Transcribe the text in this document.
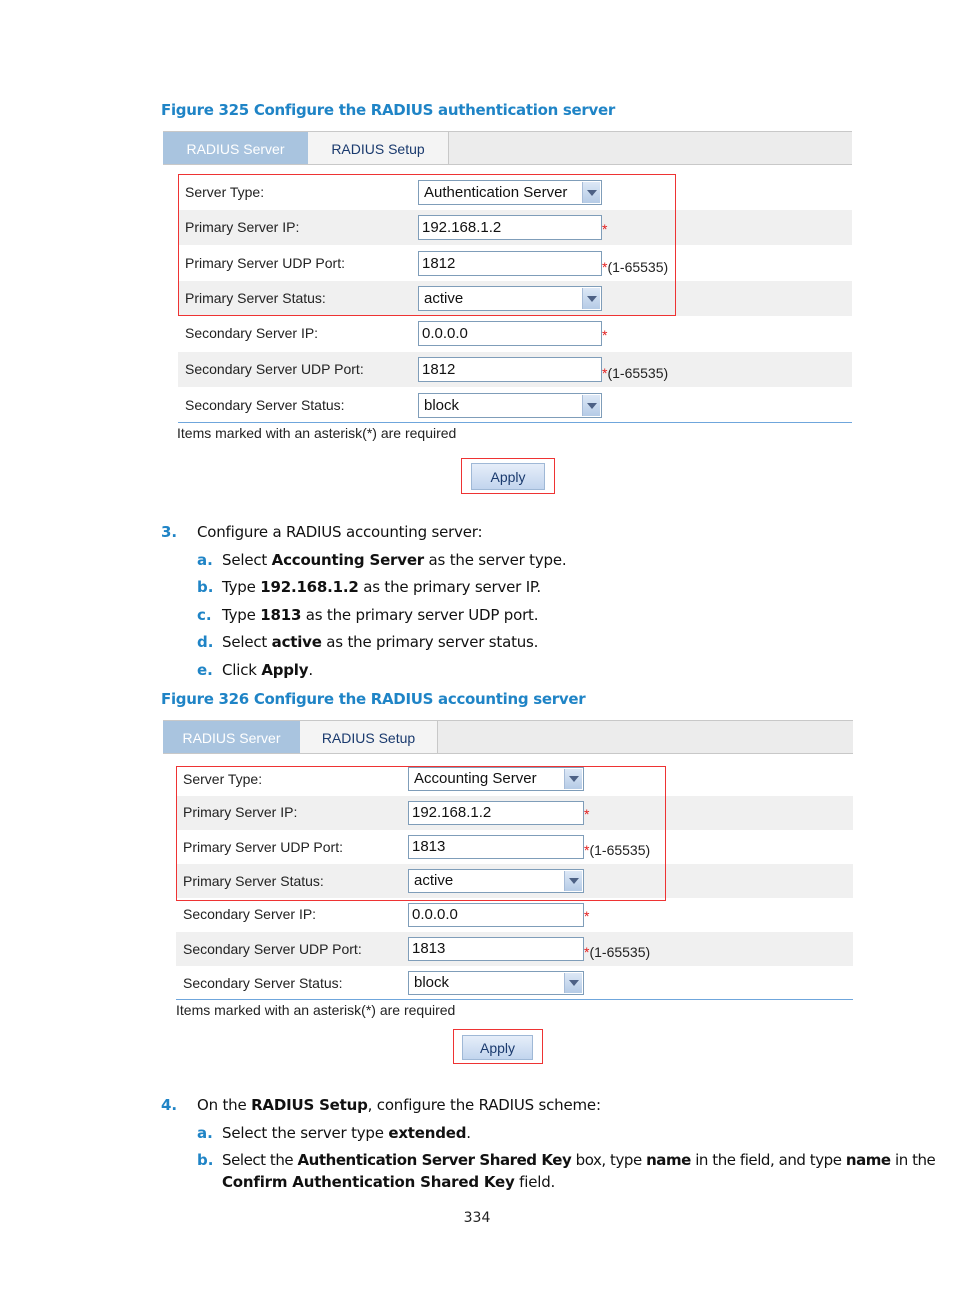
Figure 325 Configure the RADIUS authentication server
RADIUS Server	RADIUS Setup
Server Type:	Authentication Server
Primary Server IP:	192.168.1.2	*
Primary Server UDP Port:	1812	*(1-65535)
Primary Server Status:	active
Secondary Server IP:	0.0.0.0	*
Secondary Server UDP Port:	1812	*(1-65535)
Secondary Server Status:	block
Items marked with an asterisk(*) are required
Apply
3. Configure a RADIUS accounting server:
a. Select Accounting Server as the server type.
b. Type 192.168.1.2 as the primary server IP.
c. Type 1813 as the primary server UDP port.
d. Select active as the primary server status.
e. Click Apply.
Figure 326 Configure the RADIUS accounting server
RADIUS Server	RADIUS Setup
Server Type:	Accounting Server
Primary Server IP:	192.168.1.2	*
Primary Server UDP Port:	1813	*(1-65535)
Primary Server Status:	active
Secondary Server IP:	0.0.0.0	*
Secondary Server UDP Port:	1813	*(1-65535)
Secondary Server Status:	block
Items marked with an asterisk(*) are required
Apply
4. On the RADIUS Setup, configure the RADIUS scheme:
a. Select the server type extended.
b. Select the Authentication Server Shared Key box, type name in the field, and type name in the
Confirm Authentication Shared Key field.
334
